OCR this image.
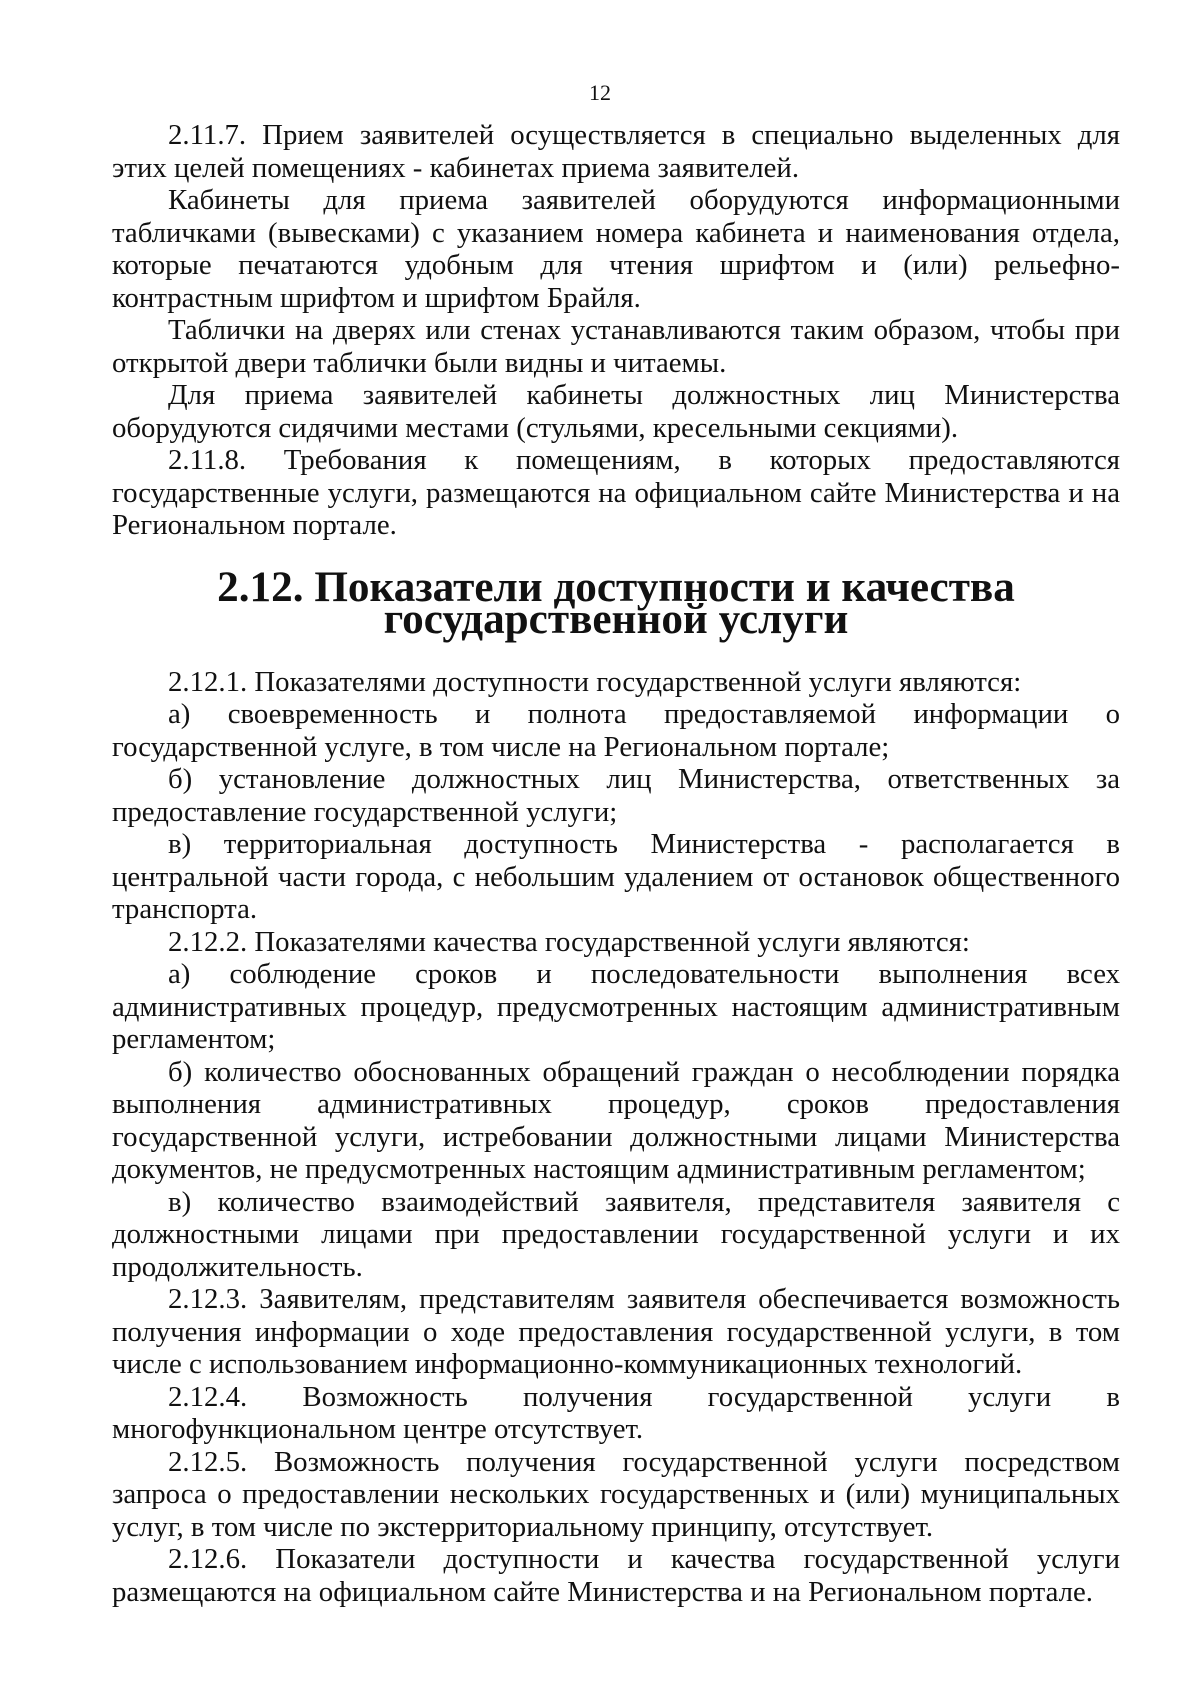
12

2.11.7. Прием заявителей осуществляется в специально выделенных для этих целей помещениях - кабинетах приема заявителей.

Кабинеты для приема заявителей оборудуются информационными табличками (вывесками) с указанием номера кабинета и наименования отдела, которые печатаются удобным для чтения шрифтом и (или) рельефно-контрастным шрифтом и шрифтом Брайля.

Таблички на дверях или стенах устанавливаются таким образом, чтобы при открытой двери таблички были видны и читаемы.

Для приема заявителей кабинеты должностных лиц Министерства оборудуются сидячими местами (стульями, кресельными секциями).

2.11.8. Требования к помещениям, в которых предоставляются государственные услуги, размещаются на официальном сайте Министерства и на Региональном портале.

2.12. Показатели доступности и качества государственной услуги

2.12.1. Показателями доступности государственной услуги являются:

а) своевременность и полнота предоставляемой информации о государственной услуге, в том числе на Региональном портале;

б) установление должностных лиц Министерства, ответственных за предоставление государственной услуги;

в) территориальная доступность Министерства - располагается в центральной части города, с небольшим удалением от остановок общественного транспорта.

2.12.2. Показателями качества государственной услуги являются:

а) соблюдение сроков и последовательности выполнения всех административных процедур, предусмотренных настоящим административным регламентом;

б) количество обоснованных обращений граждан о несоблюдении порядка выполнения административных процедур, сроков предоставления государственной услуги, истребовании должностными лицами Министерства документов, не предусмотренных настоящим административным регламентом;

в) количество взаимодействий заявителя, представителя заявителя с должностными лицами при предоставлении государственной услуги и их продолжительность.

2.12.3. Заявителям, представителям заявителя обеспечивается возможность получения информации о ходе предоставления государственной услуги, в том числе с использованием информационно-коммуникационных технологий.

2.12.4. Возможность получения государственной услуги в многофункциональном центре отсутствует.

2.12.5. Возможность получения государственной услуги посредством запроса о предоставлении нескольких государственных и (или) муниципальных услуг, в том числе по экстерриториальному принципу, отсутствует.

2.12.6. Показатели доступности и качества государственной услуги размещаются на официальном сайте Министерства и на Региональном портале.
